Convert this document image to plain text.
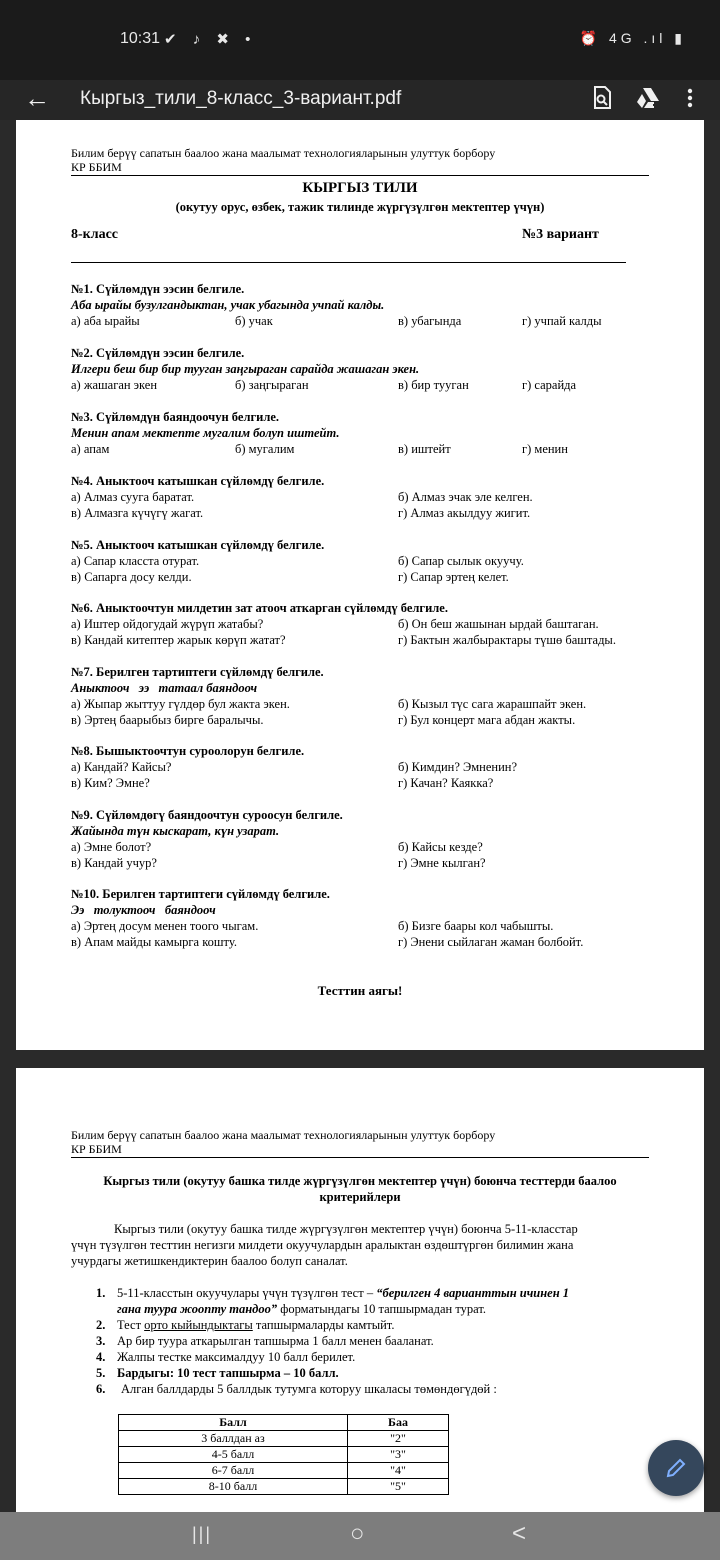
10:31 ✔ ♪ ✖ •	⏰ 4G .ıl ▮
← Кыргыз_тили_8-класс_3-вариант.pdf
Билим берүү сапатын баалоо жана маалымат технологияларынын улуттук борбору
КР ББИМ
КЫРГЫЗ ТИЛИ
(окутуу орус, өзбек, тажик тилинде жүргүзүлгөн мектептер үчүн)
8-класс	№3 вариант
№1. Сүйлөмдүн ээсин белгиле.
Аба ырайы бузулгандыктан, учак убагында учпай калды.
а) аба ырайы	б) учак	в) убагында	г) учпай калды
№2. Сүйлөмдүн ээсин белгиле.
Илгери беш бир бир тууган заңгыраган сарайда жашаган экен.
а) жашаган экен	б) заңгыраган	в) бир тууган	г) сарайда
№3. Сүйлөмдүн баяндоочун белгиле.
Менин апам мектепте мугалим болуп иштейт.
а) апам	б) мугалим	в) иштейт	г) менин
№4. Аныктооч катышкан сүйлөмдү белгиле.
а) Алмаз сууга баратат.	б) Алмаз эчак эле келген.
в) Алмазга күчүгү жагат.	г) Алмаз акылдуу жигит.
№5. Аныктооч катышкан сүйлөмдү белгиле.
а) Сапар класста отурат.	б) Сапар сылык окуучу.
в) Сапарга досу келди.	г) Сапар эртең келет.
№6. Аныктоочтун милдетин зат атооч аткарган сүйлөмдү белгиле.
а) Иштер ойдогудай жүрүп жатабы?	б) Он беш жашынан ырдай баштаган.
в) Кандай китептер жарык көрүп жатат?	г) Бактын жалбырактары түшө баштады.
№7. Берилген тартиптеги сүйлөмдү белгиле.
Аныктооч   ээ   татаал баяндооч
а) Жыпар жыттуу гүлдөр бул жакта экен.	б) Кызыл түс сага жарашпайт экен.
в) Эртең баарыбыз бирге баралычы.	г) Бул концерт мага абдан жакты.
№8. Бышыктоочтун суроолорун белгиле.
а) Кандай? Кайсы?	б) Кимдин? Эмненин?
в) Ким? Эмне?	г) Качан? Каякка?
№9. Сүйлөмдөгү баяндоочтун суроосун белгиле.
Жайында түн кыскарат, күн узарат.
а) Эмне болот?	б) Кайсы кезде?
в) Кандай учур?	г) Эмне кылган?
№10. Берилген тартиптеги сүйлөмдү белгиле.
Ээ   толуктооч   баяндооч
а) Эртең досум менен тоого чыгам.	б) Бизге баары кол чабышты.
в) Апам майды камырга кошту.	г) Энени сыйлаган жаман болбойт.
Тесттин аягы!
Билим берүү сапатын баалоо жана маалымат технологияларынын улуттук борбору
КР ББИМ
Кыргыз тили (окутуу башка тилде жүргүзүлгөн мектептер үчүн) боюнча тесттерди баалоо
критерийлери
Кыргыз тили (окутуу башка тилде жүргүзүлгөн мектептер үчүн) боюнча 5-11-класстар
үчүн түзүлгөн тесттин негизги милдети окуучулардын аралыктан өздөштүргөн билимин жана
учурдагы жетишкендиктерин баалоо болуп саналат.
1. 5-11-класстын окуучулары үчүн түзүлгөн тест – “берилген 4 варианттын ичинен 1
гана туура жоопту тандоо” форматындагы 10 тапшырмадан турат.
2. Тест орто кыйындыктагы тапшырмаларды камтыйт.
3. Ар бир туура аткарылган тапшырма 1 балл менен бааланат.
4. Жалпы тестке максималдуу 10 балл берилет.
5. Бардыгы: 10 тест тапшырма – 10 балл.
6. Алган баллдарды 5 баллдык тутумга которуу шкаласы төмөндөгүдөй :
Балл	Баа
3 баллдан аз	"2"
4-5 балл	"3"
6-7 балл	"4"
8-10 балл	"5"
|||	○	<
